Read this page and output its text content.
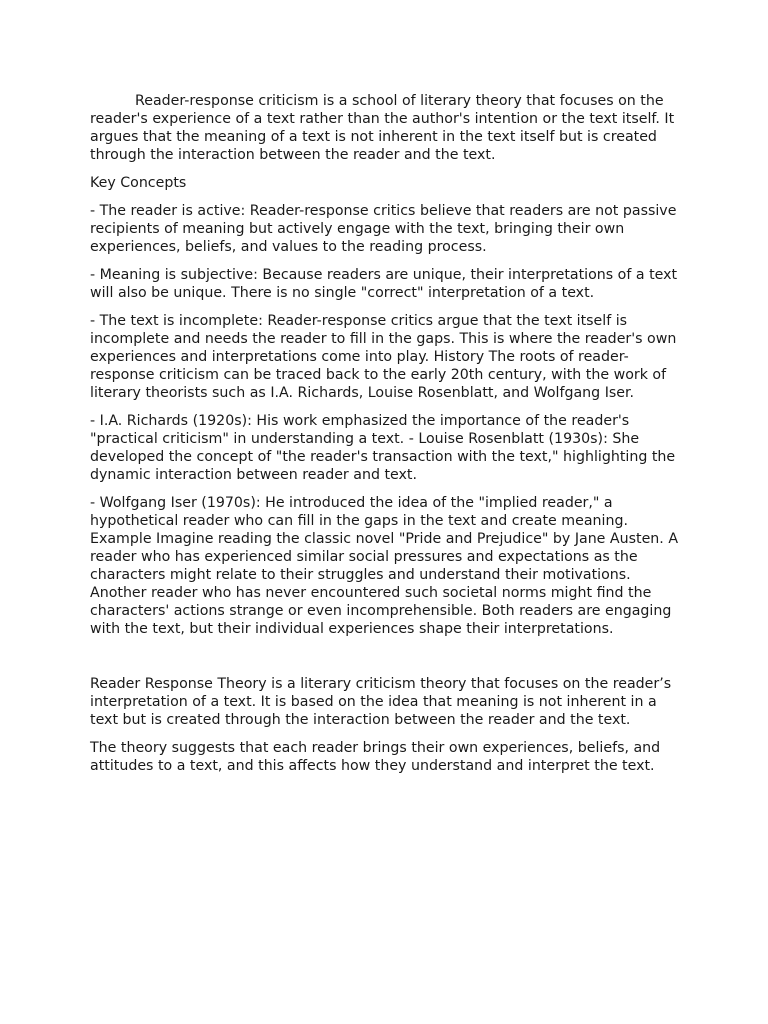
Reader-response criticism is a school of literary theory that focuses on the reader's experience of a text rather than the author's intention or the text itself. It argues that the meaning of a text is not inherent in the text itself but is created through the interaction between the reader and the text.

Key Concepts

- The reader is active: Reader-response critics believe that readers are not passive recipients of meaning but actively engage with the text, bringing their own experiences, beliefs, and values to the reading process.

- Meaning is subjective: Because readers are unique, their interpretations of a text will also be unique. There is no single "correct" interpretation of a text.

- The text is incomplete: Reader-response critics argue that the text itself is incomplete and needs the reader to fill in the gaps. This is where the reader's own experiences and interpretations come into play. History The roots of reader-response criticism can be traced back to the early 20th century, with the work of literary theorists such as I.A. Richards, Louise Rosenblatt, and Wolfgang Iser.

- I.A. Richards (1920s): His work emphasized the importance of the reader's "practical criticism" in understanding a text. - Louise Rosenblatt (1930s): She developed the concept of "the reader's transaction with the text," highlighting the dynamic interaction between reader and text.

- Wolfgang Iser (1970s): He introduced the idea of the "implied reader," a hypothetical reader who can fill in the gaps in the text and create meaning. Example Imagine reading the classic novel "Pride and Prejudice" by Jane Austen. A reader who has experienced similar social pressures and expectations as the characters might relate to their struggles and understand their motivations. Another reader who has never encountered such societal norms might find the characters' actions strange or even incomprehensible. Both readers are engaging with the text, but their individual experiences shape their interpretations.

Reader Response Theory is a literary criticism theory that focuses on the reader’s interpretation of a text. It is based on the idea that meaning is not inherent in a text but is created through the interaction between the reader and the text.

The theory suggests that each reader brings their own experiences, beliefs, and attitudes to a text, and this affects how they understand and interpret the text.
